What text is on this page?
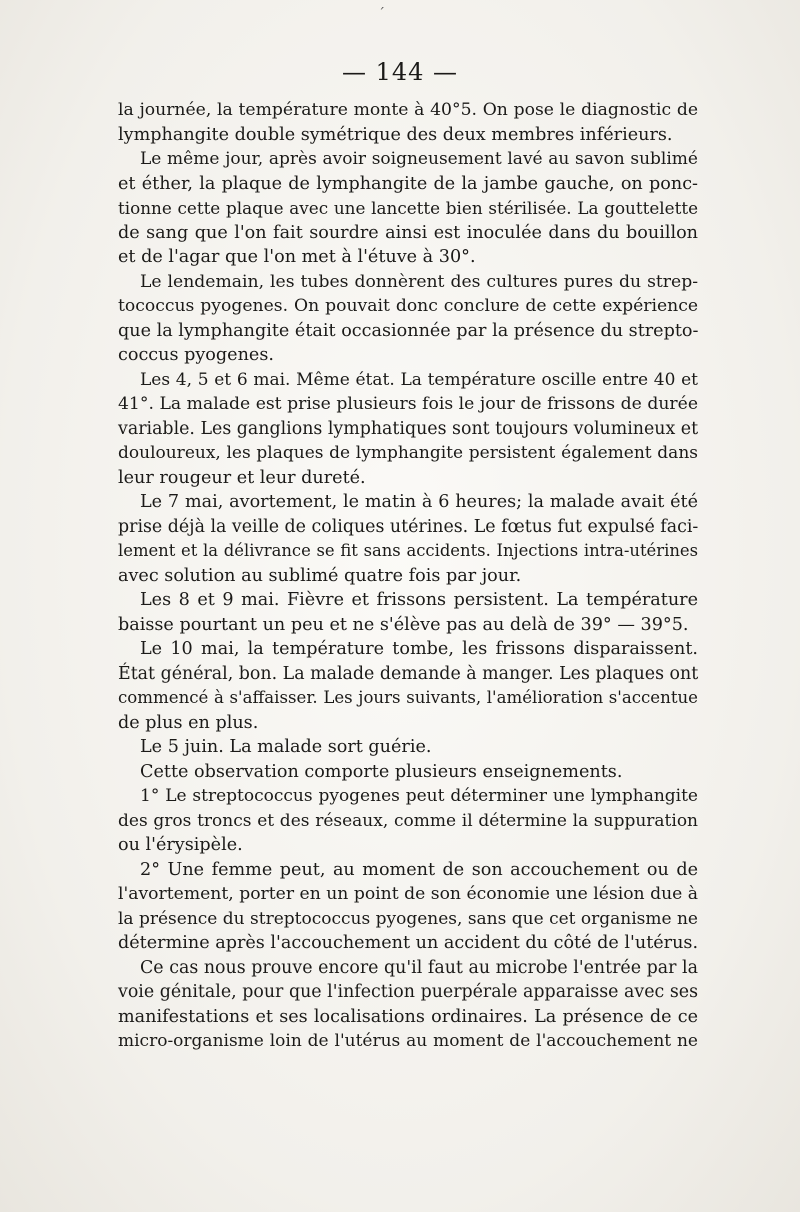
´
— 144 —
la journée, la température monte à 40°5. On pose le diagnostic de
lymphangite double symétrique des deux membres inférieurs.
Le même jour, après avoir soigneusement lavé au savon sublimé
et éther, la plaque de lymphangite de la jambe gauche, on ponc-
tionne cette plaque avec une lancette bien stérilisée. La gouttelette
de sang que l'on fait sourdre ainsi est inoculée dans du bouillon
et de l'agar que l'on met à l'étuve à 30°.
Le lendemain, les tubes donnèrent des cultures pures du strep-
tococcus pyogenes. On pouvait donc conclure de cette expérience
que la lymphangite était occasionnée par la présence du strepto-
coccus pyogenes.
Les 4, 5 et 6 mai. Même état. La température oscille entre 40 et
41°. La malade est prise plusieurs fois le jour de frissons de durée
variable. Les ganglions lymphatiques sont toujours volumineux et
douloureux, les plaques de lymphangite persistent également dans
leur rougeur et leur dureté.
Le 7 mai, avortement, le matin à 6 heures; la malade avait été
prise déjà la veille de coliques utérines. Le fœtus fut expulsé faci-
lement et la délivrance se fit sans accidents. Injections intra-utérines
avec solution au sublimé quatre fois par jour.
Les 8 et 9 mai. Fièvre et frissons persistent. La température
baisse pourtant un peu et ne s'élève pas au delà de 39° — 39°5.
Le 10 mai, la température tombe, les frissons disparaissent.
État général, bon. La malade demande à manger. Les plaques ont
commencé à s'affaisser. Les jours suivants, l'amélioration s'accentue
de plus en plus.
Le 5 juin. La malade sort guérie.
Cette observation comporte plusieurs enseignements.
1° Le streptococcus pyogenes peut déterminer une lymphangite
des gros troncs et des réseaux, comme il détermine la suppuration
ou l'érysipèle.
2° Une femme peut, au moment de son accouchement ou de
l'avortement, porter en un point de son économie une lésion due à
la présence du streptococcus pyogenes, sans que cet organisme ne
détermine après l'accouchement un accident du côté de l'utérus.
Ce cas nous prouve encore qu'il faut au microbe l'entrée par la
voie génitale, pour que l'infection puerpérale apparaisse avec ses
manifestations et ses localisations ordinaires. La présence de ce
micro-organisme loin de l'utérus au moment de l'accouchement ne
